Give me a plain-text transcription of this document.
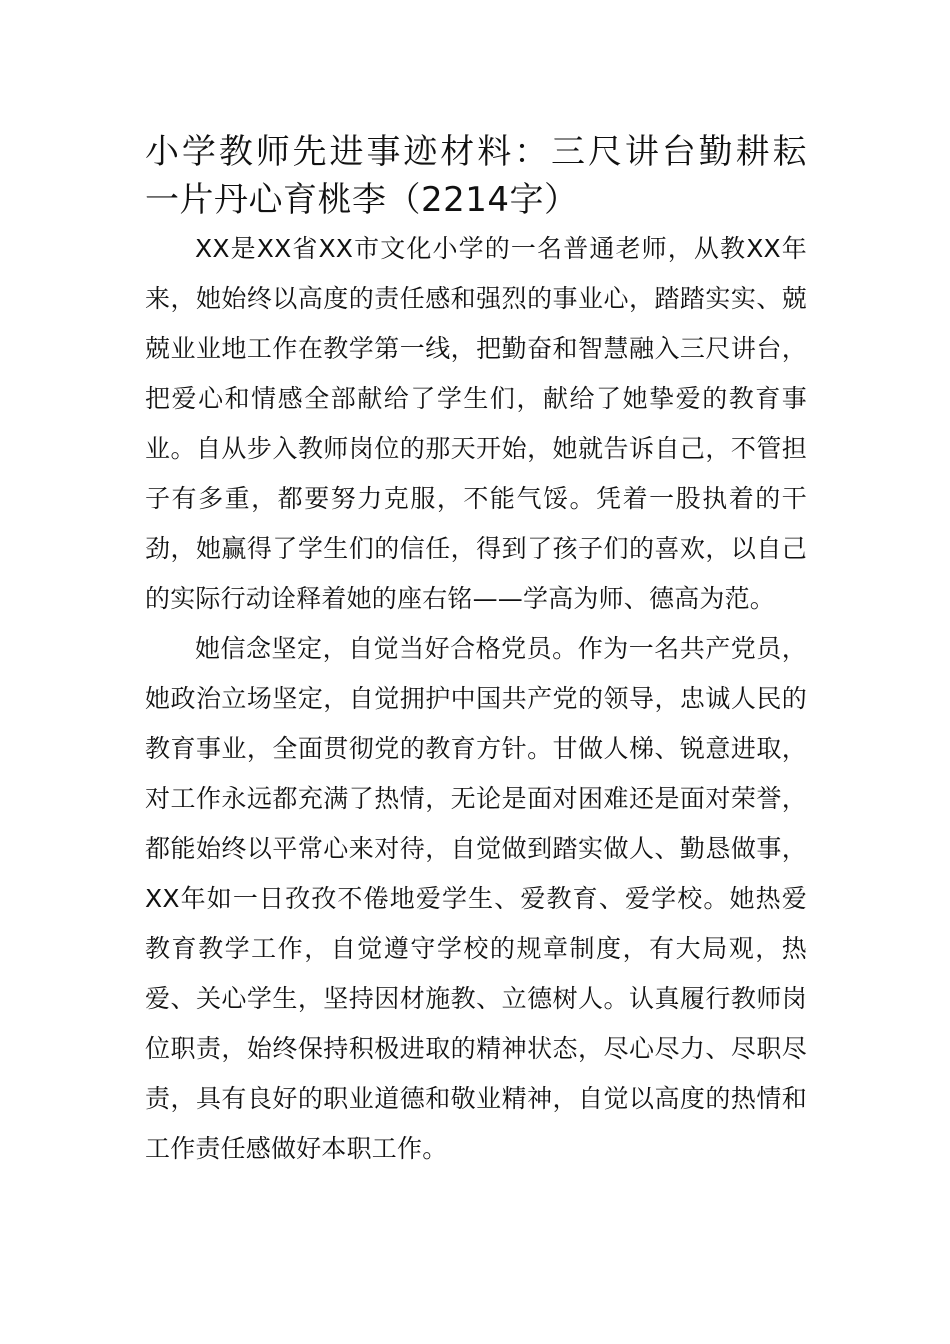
小学教师先进事迹材料：三尺讲台勤耕耘 一片丹心育桃李（2214字）

XX是XX省XX市文化小学的一名普通老师，从教XX年来，她始终以高度的责任感和强烈的事业心，踏踏实实、兢兢业业地工作在教学第一线，把勤奋和智慧融入三尺讲台，把爱心和情感全部献给了学生们，献给了她挚爱的教育事业。自从步入教师岗位的那天开始，她就告诉自己，不管担子有多重，都要努力克服，不能气馁。凭着一股执着的干劲，她赢得了学生们的信任，得到了孩子们的喜欢，以自己的实际行动诠释着她的座右铭——学高为师、德高为范。

她信念坚定，自觉当好合格党员。作为一名共产党员，她政治立场坚定，自觉拥护中国共产党的领导，忠诚人民的教育事业，全面贯彻党的教育方针。甘做人梯、锐意进取，对工作永远都充满了热情，无论是面对困难还是面对荣誉，都能始终以平常心来对待，自觉做到踏实做人、勤恳做事，XX年如一日孜孜不倦地爱学生、爱教育、爱学校。她热爱教育教学工作，自觉遵守学校的规章制度，有大局观，热爱、关心学生，坚持因材施教、立德树人。认真履行教师岗位职责，始终保持积极进取的精神状态，尽心尽力、尽职尽责，具有良好的职业道德和敬业精神，自觉以高度的热情和工作责任感做好本职工作。
